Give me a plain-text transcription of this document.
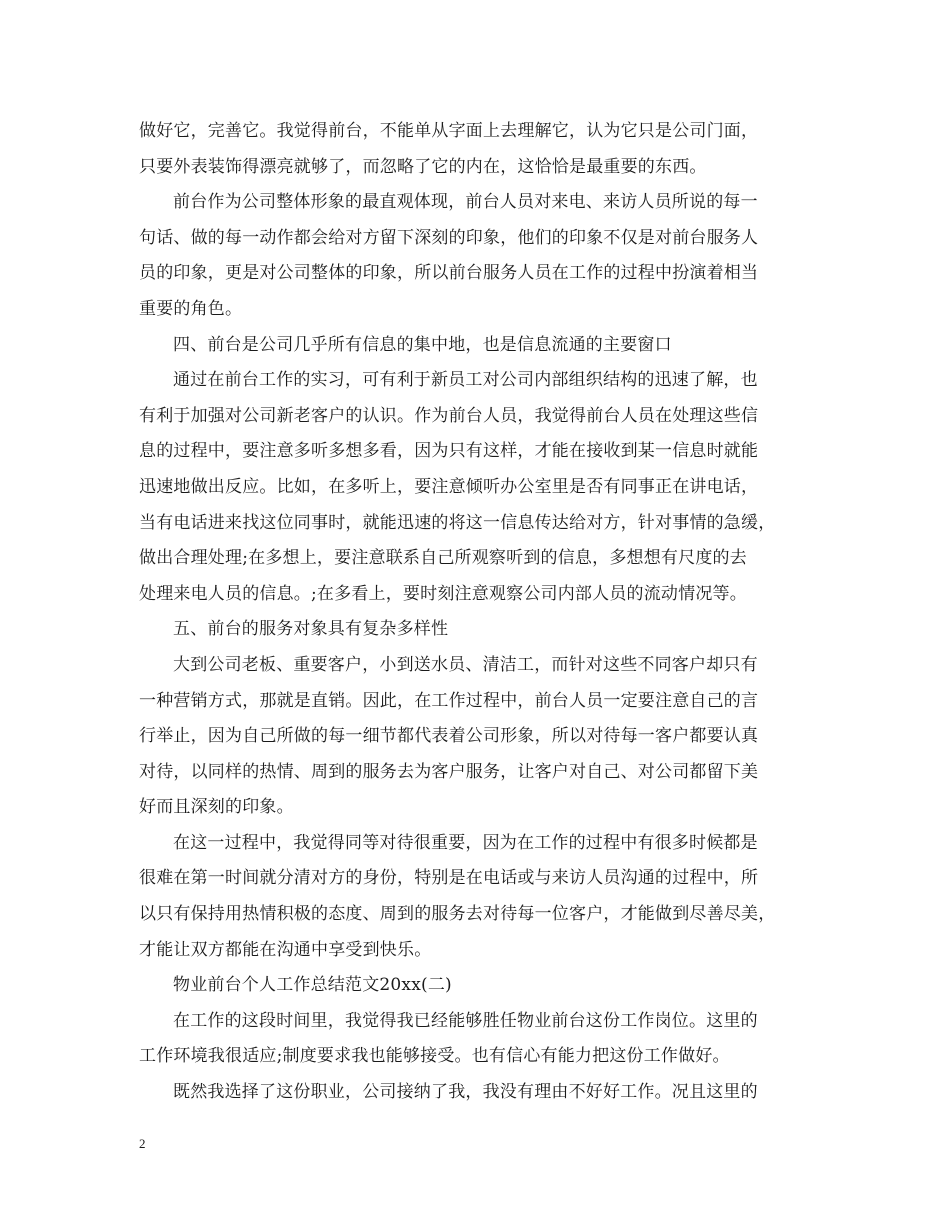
做好它，完善它。我觉得前台，不能单从字面上去理解它，认为它只是公司门面，
只要外表装饰得漂亮就够了，而忽略了它的内在，这恰恰是最重要的东西。
前台作为公司整体形象的最直观体现，前台人员对来电、来访人员所说的每一
句话、做的每一动作都会给对方留下深刻的印象，他们的印象不仅是对前台服务人
员的印象，更是对公司整体的印象，所以前台服务人员在工作的过程中扮演着相当
重要的角色。
四、前台是公司几乎所有信息的集中地，也是信息流通的主要窗口
通过在前台工作的实习，可有利于新员工对公司内部组织结构的迅速了解，也
有利于加强对公司新老客户的认识。作为前台人员，我觉得前台人员在处理这些信
息的过程中，要注意多听多想多看，因为只有这样，才能在接收到某一信息时就能
迅速地做出反应。比如，在多听上，要注意倾听办公室里是否有同事正在讲电话，
当有电话进来找这位同事时，就能迅速的将这一信息传达给对方，针对事情的急缓，
做出合理处理;在多想上，要注意联系自己所观察听到的信息，多想想有尺度的去
处理来电人员的信息。;在多看上，要时刻注意观察公司内部人员的流动情况等。
五、前台的服务对象具有复杂多样性
大到公司老板、重要客户，小到送水员、清洁工，而针对这些不同客户却只有
一种营销方式，那就是直销。因此，在工作过程中，前台人员一定要注意自己的言
行举止，因为自己所做的每一细节都代表着公司形象，所以对待每一客户都要认真
对待，以同样的热情、周到的服务去为客户服务，让客户对自己、对公司都留下美
好而且深刻的印象。
在这一过程中，我觉得同等对待很重要，因为在工作的过程中有很多时候都是
很难在第一时间就分清对方的身份，特别是在电话或与来访人员沟通的过程中，所
以只有保持用热情积极的态度、周到的服务去对待每一位客户，才能做到尽善尽美，
才能让双方都能在沟通中享受到快乐。
物业前台个人工作总结范文20xx(二)
在工作的这段时间里，我觉得我已经能够胜任物业前台这份工作岗位。这里的
工作环境我很适应;制度要求我也能够接受。也有信心有能力把这份工作做好。
既然我选择了这份职业，公司接纳了我，我没有理由不好好工作。况且这里的
2
